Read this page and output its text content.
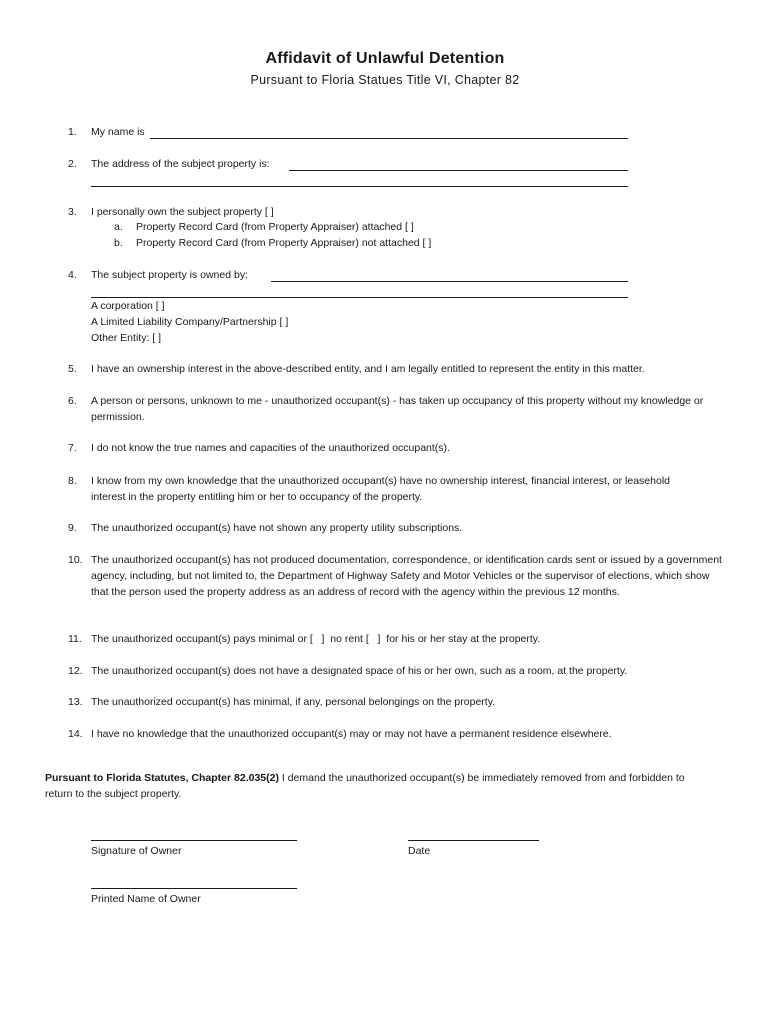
Affidavit of Unlawful Detention
Pursuant to Floria Statues Title VI, Chapter 82
1.	My name is
2.	The address of the subject property is:
3.	I personally own the subject property [ ]
a.	Property Record Card (from Property Appraiser) attached [ ]
b.	Property Record Card (from Property Appraiser) not attached [ ]
4.	The subject property is owned by:
A corporation [ ]
A Limited Liability Company/Partnership [ ]
Other Entity: [ ]
5.	I have an ownership interest in the above-described entity, and I am legally entitled to represent the entity in this matter.
6.	A person or persons, unknown to me - unauthorized occupant(s) - has taken up occupancy of this property without my knowledge or permission.
7.	I do not know the true names and capacities of the unauthorized occupant(s).
8.	I know from my own knowledge that the unauthorized occupant(s) have no ownership interest, financial interest, or leasehold interest in the property entitling him or her to occupancy of the property.
9.	The unauthorized occupant(s) have not shown any property utility subscriptions.
10. The unauthorized occupant(s) has not produced documentation, correspondence, or identification cards sent or issued by a government agency, including, but not limited to, the Department of Highway Safety and Motor Vehicles or the supervisor of elections, which show that the person used the property address as an address of record with the agency within the previous 12 months.
11. The unauthorized occupant(s) pays minimal or [   ]  no rent [   ]  for his or her stay at the property.
12. The unauthorized occupant(s) does not have a designated space of his or her own, such as a room, at the property.
13. The unauthorized occupant(s) has minimal, if any, personal belongings on the property.
14. I have no knowledge that the unauthorized occupant(s) may or may not have a permanent residence elsewhere.
Pursuant to Florida Statutes, Chapter 82.035(2) I demand the unauthorized occupant(s) be immediately removed from and forbidden to return to the subject property.
Signature of Owner	Date
Printed Name of Owner
